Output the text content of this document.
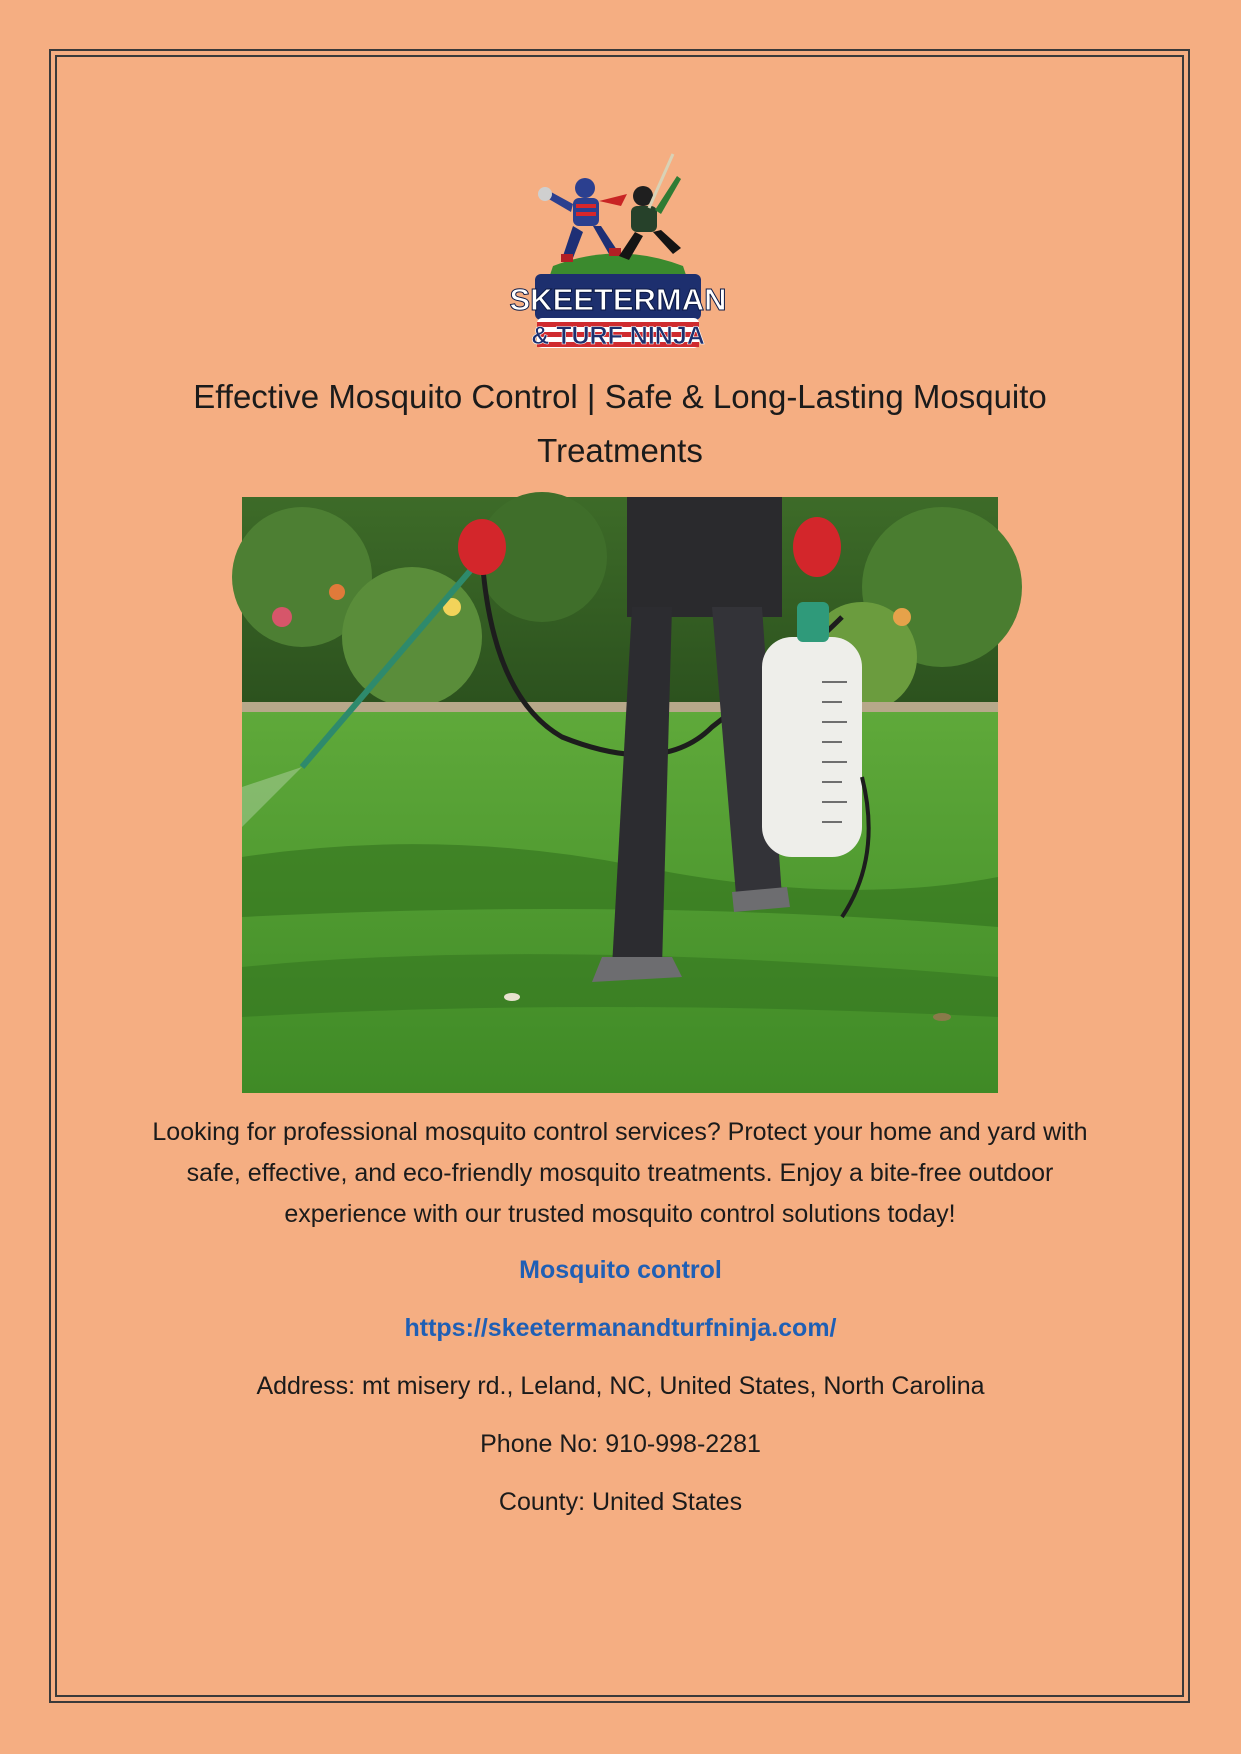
SKEETERMAN
& TURF NINJA
Effective Mosquito Control | Safe & Long-Lasting Mosquito Treatments
Looking for professional mosquito control services? Protect your home and yard with safe, effective, and eco-friendly mosquito treatments. Enjoy a bite-free outdoor experience with our trusted mosquito control solutions today!
Mosquito control
https://skeetermanandturfninja.com/
Address: mt misery rd., Leland, NC, United States, North Carolina
Phone No: 910-998-2281
County: United States
